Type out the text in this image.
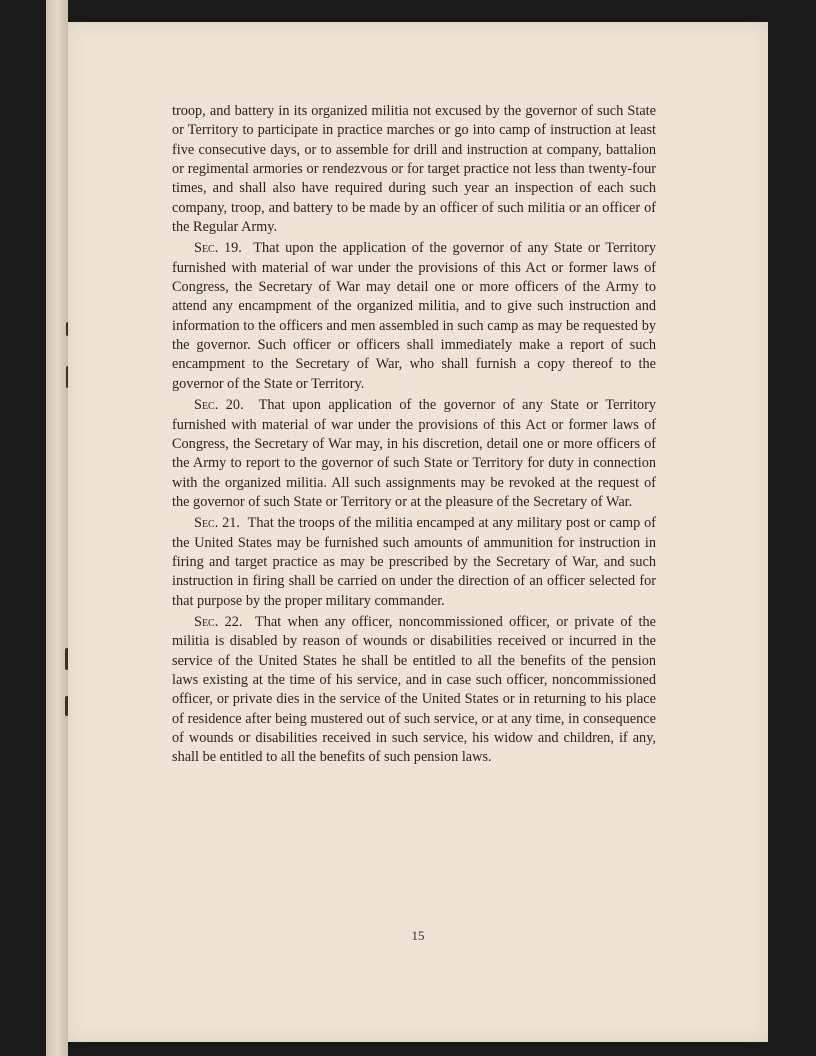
troop, and battery in its organized militia not excused by the governor of such State or Territory to participate in practice marches or go into camp of instruction at least five consecutive days, or to assemble for drill and instruction at company, battalion or regimental armories or rendezvous or for target practice not less than twenty-four times, and shall also have required during such year an inspection of each such company, troop, and battery to be made by an officer of such militia or an officer of the Regular Army.

Sec. 19. That upon the application of the governor of any State or Territory furnished with material of war under the provisions of this Act or former laws of Congress, the Secretary of War may detail one or more officers of the Army to attend any encampment of the organized militia, and to give such instruction and information to the officers and men assembled in such camp as may be requested by the governor. Such officer or officers shall immediately make a report of such encampment to the Secretary of War, who shall furnish a copy thereof to the governor of the State or Territory.

Sec. 20. That upon application of the governor of any State or Territory furnished with material of war under the provisions of this Act or former laws of Congress, the Secretary of War may, in his discretion, detail one or more officers of the Army to report to the governor of such State or Territory for duty in connection with the organized militia. All such assignments may be revoked at the request of the governor of such State or Territory or at the pleasure of the Secretary of War.

Sec. 21. That the troops of the militia encamped at any military post or camp of the United States may be furnished such amounts of ammunition for instruction in firing and target practice as may be prescribed by the Secretary of War, and such instruction in firing shall be carried on under the direction of an officer selected for that purpose by the proper military commander.

Sec. 22. That when any officer, noncommissioned officer, or private of the militia is disabled by reason of wounds or disabilities received or incurred in the service of the United States he shall be entitled to all the benefits of the pension laws existing at the time of his service, and in case such officer, noncommissioned officer, or private dies in the service of the United States or in returning to his place of residence after being mustered out of such service, or at any time, in consequence of wounds or disabilities received in such service, his widow and children, if any, shall be entitled to all the benefits of such pension laws.

15
